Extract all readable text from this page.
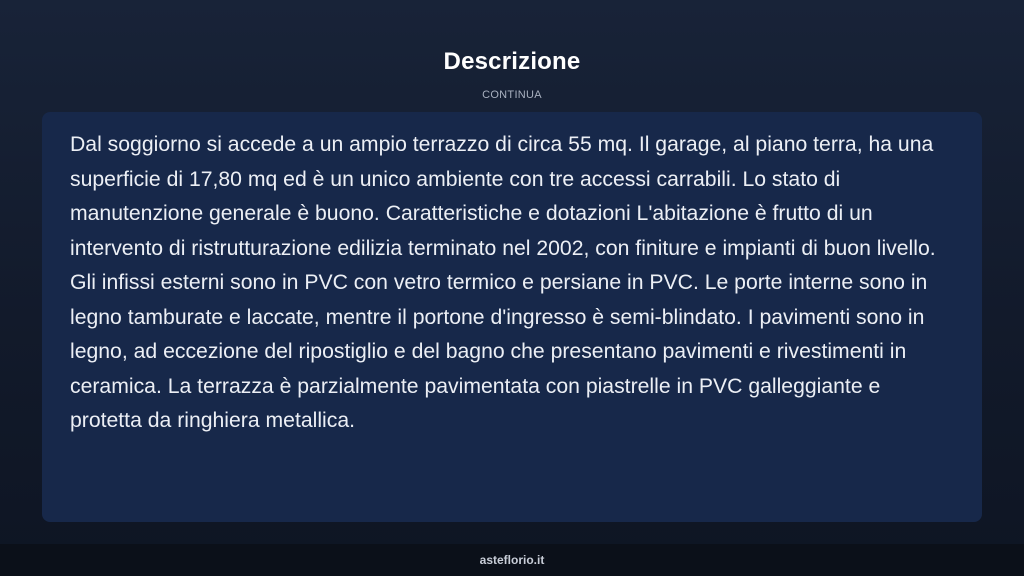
Descrizione
CONTINUA

Dal soggiorno si accede a un ampio terrazzo di circa 55 mq. Il garage, al piano terra, ha una superficie di 17,80 mq ed è un unico ambiente con tre accessi carrabili. Lo stato di manutenzione generale è buono. Caratteristiche e dotazioni L'abitazione è frutto di un intervento di ristrutturazione edilizia terminato nel 2002, con finiture e impianti di buon livello. Gli infissi esterni sono in PVC con vetro termico e persiane in PVC. Le porte interne sono in legno tamburate e laccate, mentre il portone d'ingresso è semi-blindato. I pavimenti sono in legno, ad eccezione del ripostiglio e del bagno che presentano pavimenti e rivestimenti in ceramica. La terrazza è parzialmente pavimentata con piastrelle in PVC galleggiante e protetta da ringhiera metallica.

asteflorio.it
